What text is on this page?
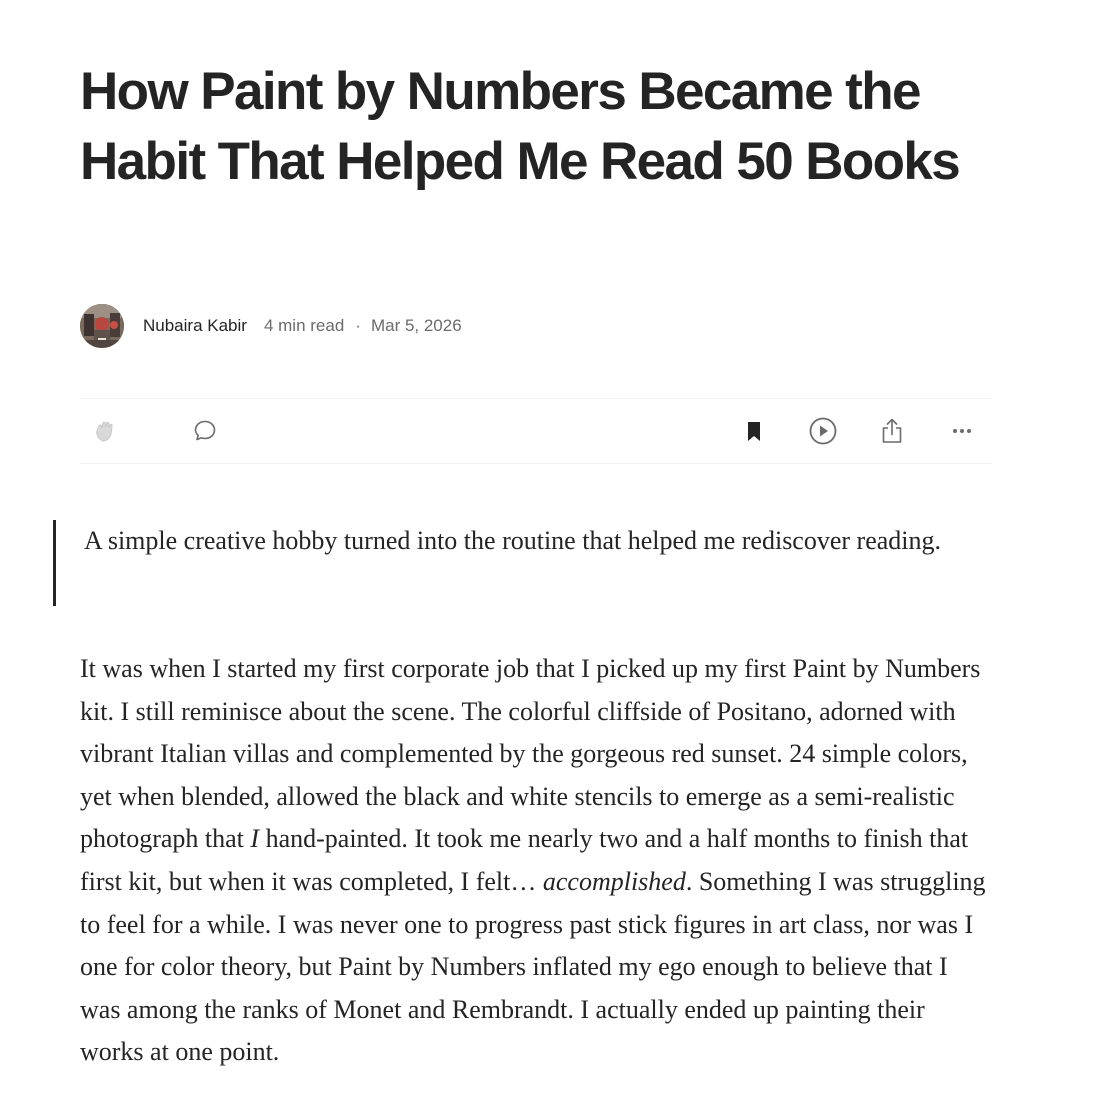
How Paint by Numbers Became the Habit That Helped Me Read 50 Books
Nubaira Kabir 4 min read · Mar 5, 2026

A simple creative hobby turned into the routine that helped me rediscover reading.

It was when I started my first corporate job that I picked up my first Paint by Numbers kit. I still reminisce about the scene. The colorful cliffside of Positano, adorned with vibrant Italian villas and complemented by the gorgeous red sunset. 24 simple colors, yet when blended, allowed the black and white stencils to emerge as a semi-realistic photograph that I hand-painted. It took me nearly two and a half months to finish that first kit, but when it was completed, I felt… accomplished. Something I was struggling to feel for a while. I was never one to progress past stick figures in art class, nor was I one for color theory, but Paint by Numbers inflated my ego enough to believe that I was among the ranks of Monet and Rembrandt. I actually ended up painting their works at one point.
